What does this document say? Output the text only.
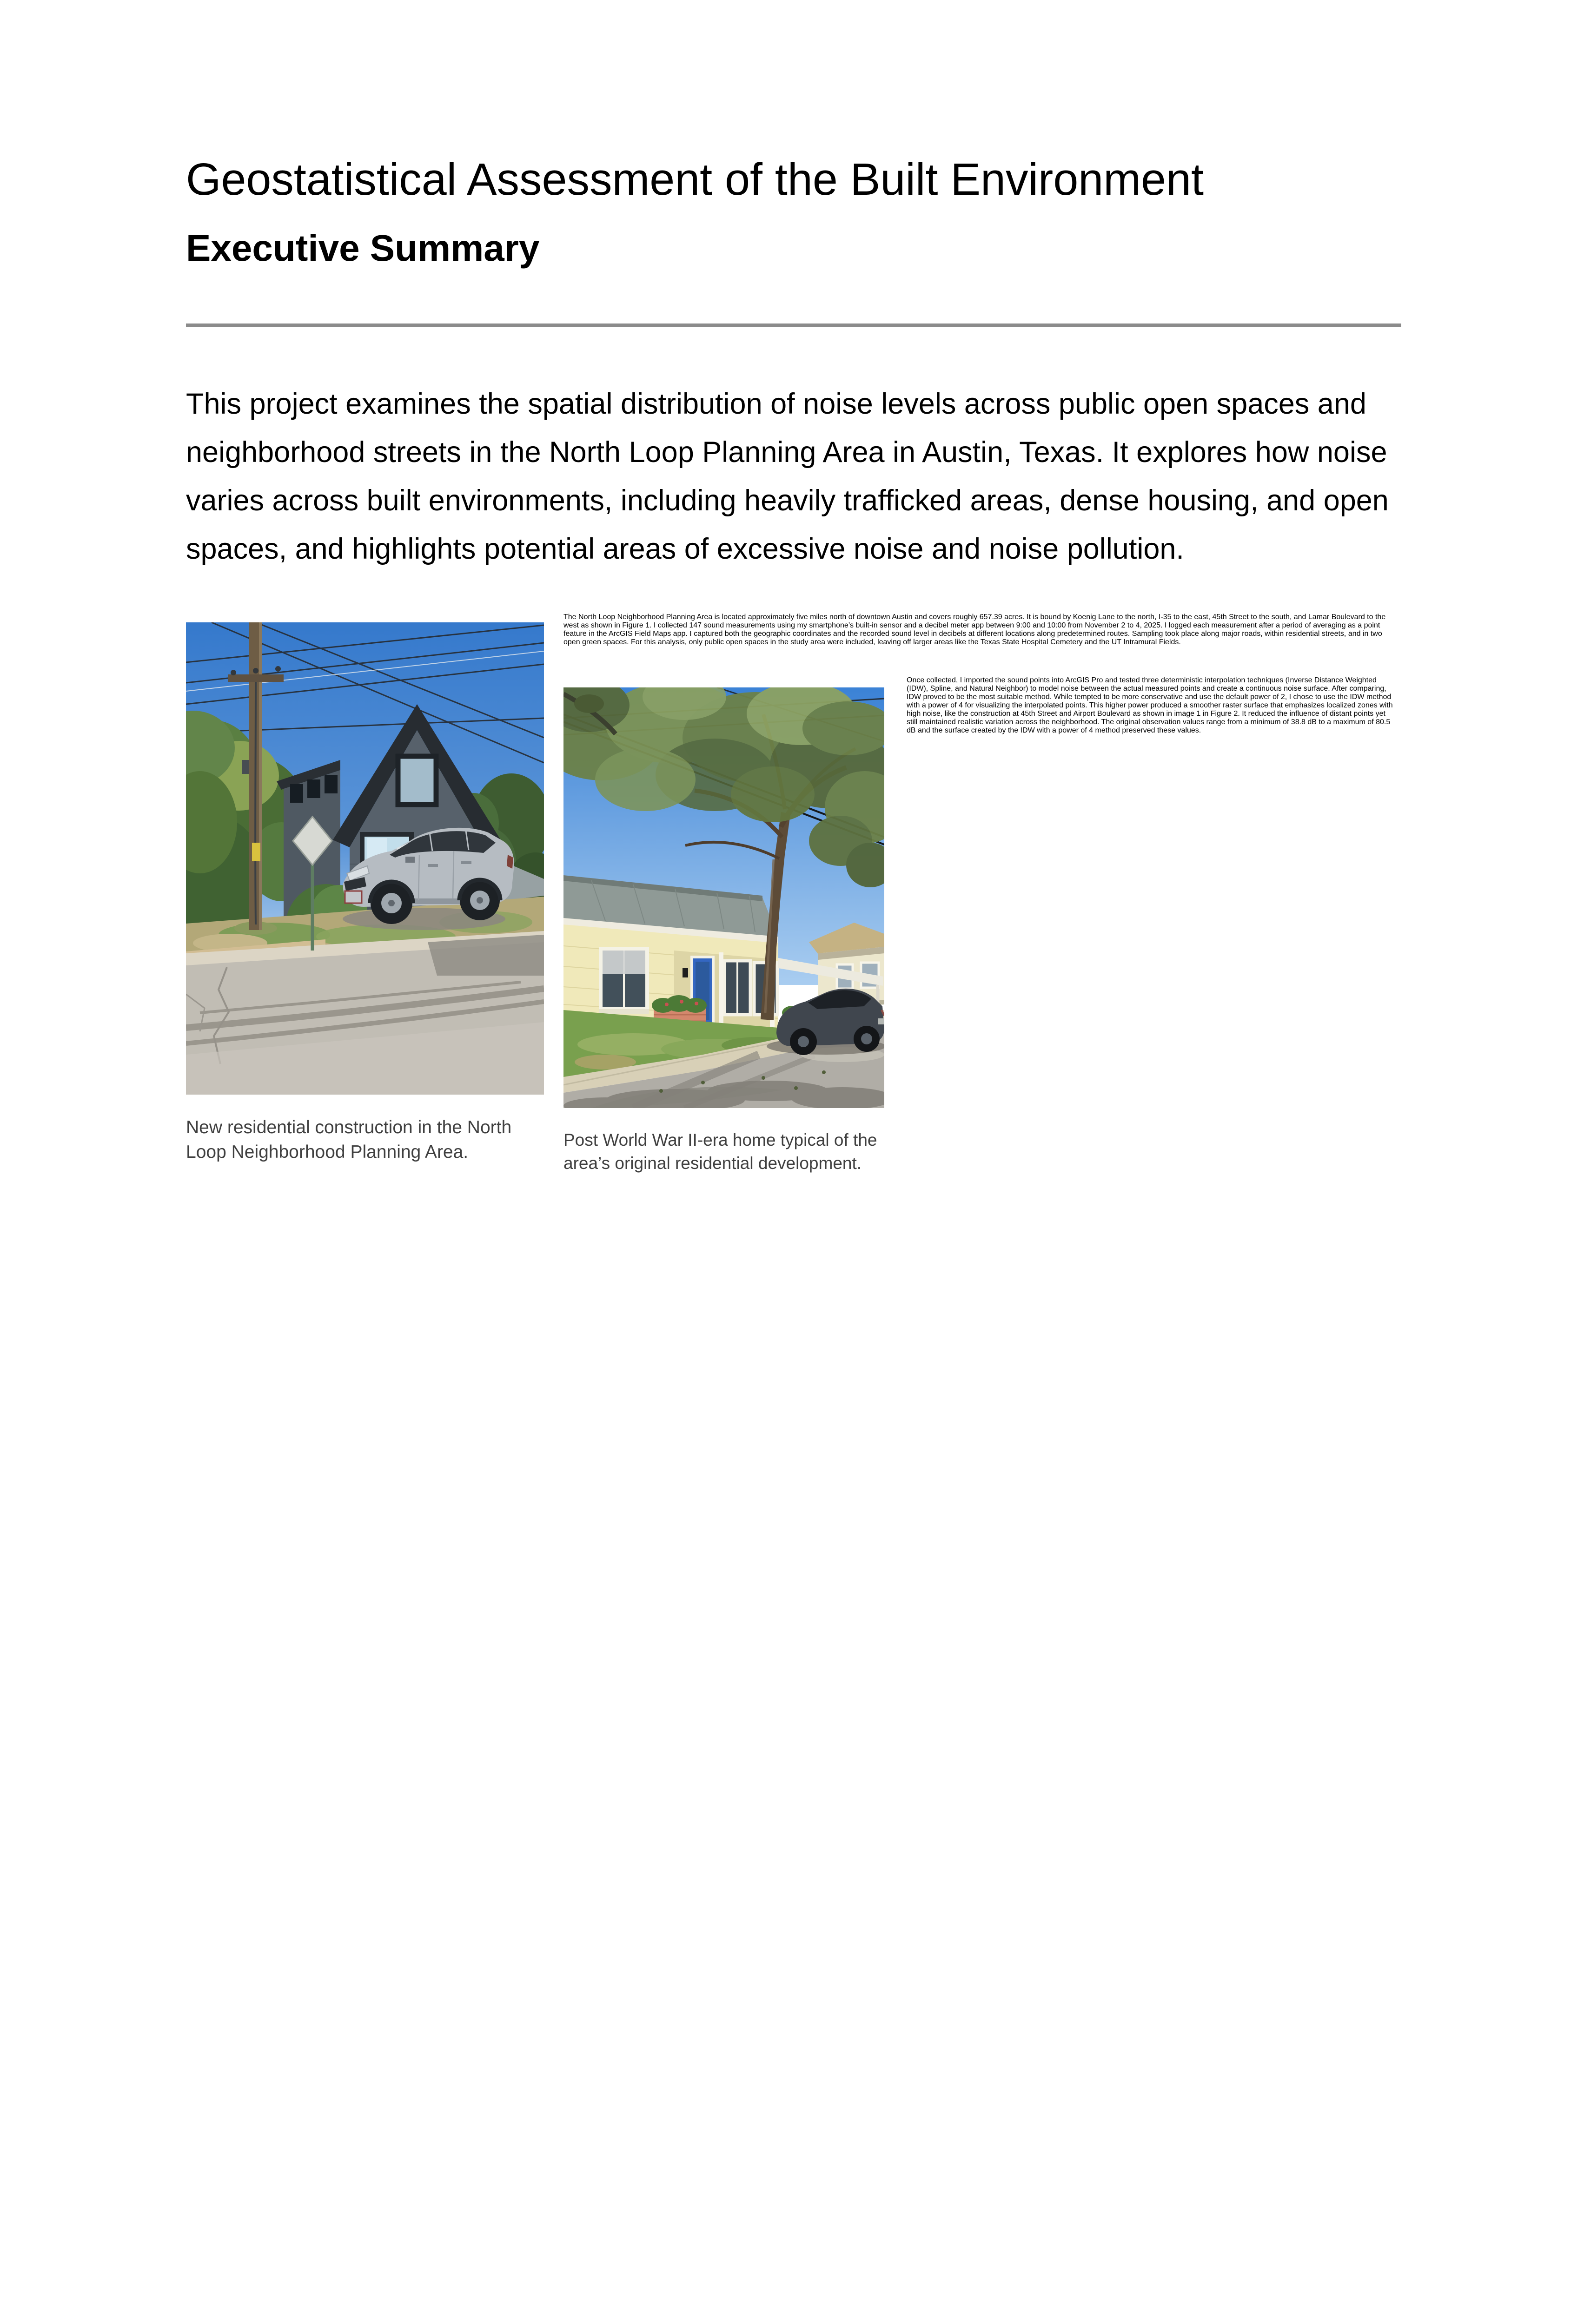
Geostatistical Assessment of the Built Environment
Executive Summary

This project examines the spatial distribution of noise levels across public open spaces and neighborhood streets in the North Loop Planning Area in Austin, Texas. It explores how noise varies across built environments, including heavily trafficked areas, dense housing, and open spaces, and highlights potential areas of excessive noise and noise pollution.

New residential construction in the North Loop Neighborhood Planning Area.
The North Loop Neighborhood Planning Area is located approximately five miles north of downtown Austin and covers roughly 657.39 acres. It is bound by Koenig Lane to the north, I-35 to the east, 45th Street to the south, and Lamar Boulevard to the west as shown in Figure 1. I collected 147 sound measurements using my smartphone’s built-in sensor and a decibel meter app between 9:00 and 10:00 from November 2 to 4, 2025. I logged each measurement after a period of averaging as a point feature in the ArcGIS Field Maps app. I captured both the geographic coordinates and the recorded sound level in decibels at different locations along predetermined routes. Sampling took place along major roads, within residential streets, and in two open green spaces. For this analysis, only public open spaces in the study area were included, leaving off larger areas like the Texas State Hospital Cemetery and the UT Intramural Fields.

Post World War II-era home typical of the area’s original residential development.
Once collected, I imported the sound points into ArcGIS Pro and tested three deterministic interpolation techniques (Inverse Distance Weighted (IDW), Spline, and Natural Neighbor) to model noise between the actual measured points and create a continuous noise surface. After comparing, IDW proved to be the most suitable method. While tempted to be more conservative and use the default power of 2, I chose to use the IDW method with a power of 4 for visualizing the interpolated points. This higher power produced a smoother raster surface that emphasizes localized zones with high noise, like the construction at 45th Street and Airport Boulevard as shown in image 1 in Figure 2. It reduced the influence of distant points yet still maintained realistic variation across the neighborhood. The original observation values range from a minimum of 38.8 dB to a maximum of 80.5 dB and the surface created by the IDW with a power of 4 method preserved these values.
